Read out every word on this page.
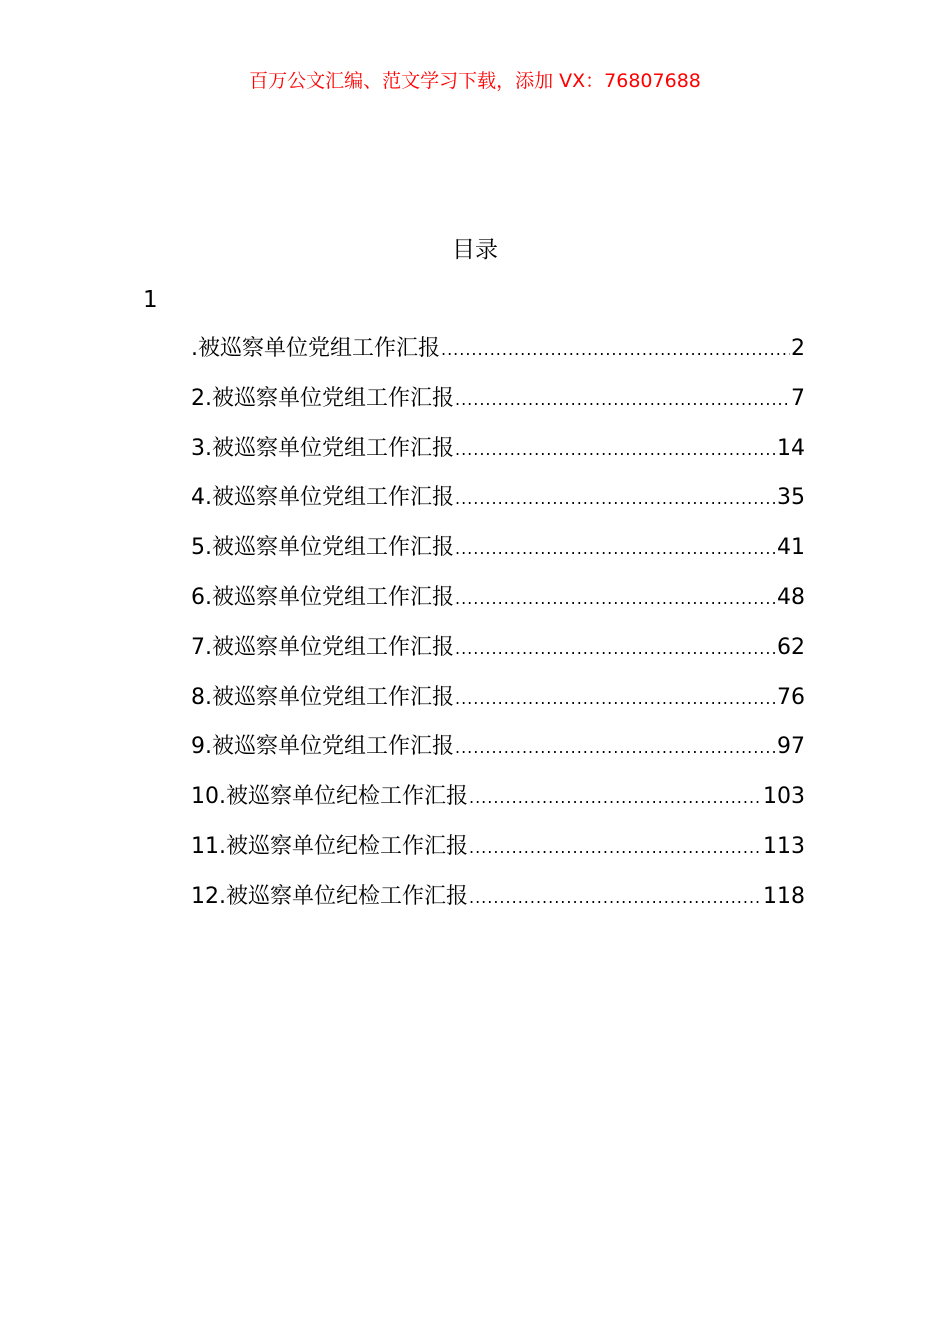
百万公文汇编、范文学习下载，添加 VX：76807688
目录
1
.被巡察单位党组工作汇报 .....	2
2.被巡察单位党组工作汇报 .....	7
3.被巡察单位党组工作汇报 .....	14
4.被巡察单位党组工作汇报 .....	35
5.被巡察单位党组工作汇报 .....	41
6.被巡察单位党组工作汇报 .....	48
7.被巡察单位党组工作汇报 .....	62
8.被巡察单位党组工作汇报 .....	76
9.被巡察单位党组工作汇报 .....	97
10.被巡察单位纪检工作汇报 .....	103
11.被巡察单位纪检工作汇报 .....	113
12.被巡察单位纪检工作汇报 .....	118
